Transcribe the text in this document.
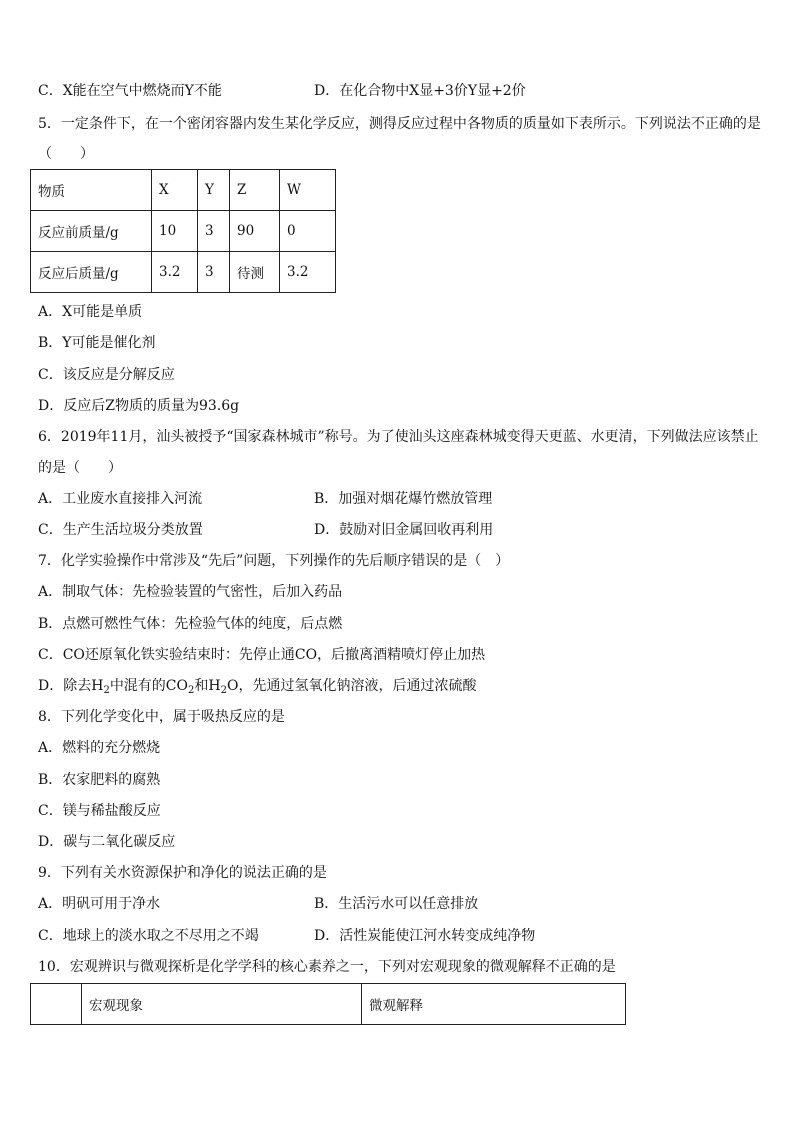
C．X能在空气中燃烧而Y不能	D．在化合物中X显+3价Y显+2价
5．一定条件下，在一个密闭容器内发生某化学反应，测得反应过程中各物质的质量如下表所示。下列说法不正确的是
（　　）
物质	X	Y	Z	W
反应前质量/g	10	3	90	0
反应后质量/g	3.2	3	待测	3.2
A．X可能是单质
B．Y可能是催化剂
C．该反应是分解反应
D．反应后Z物质的质量为93.6g
6．2019年11月，汕头被授予“国家森林城市”称号。为了使汕头这座森林城变得天更蓝、水更清，下列做法应该禁止
的是（　　）
A．工业废水直接排入河流	B．加强对烟花爆竹燃放管理
C．生产生活垃圾分类放置	D．鼓励对旧金属回收再利用
7．化学实验操作中常涉及“先后”问题，下列操作的先后顺序错误的是（　）
A．制取气体：先检验装置的气密性，后加入药品
B．点燃可燃性气体：先检验气体的纯度，后点燃
C．CO还原氧化铁实验结束时：先停止通CO，后撤离酒精喷灯停止加热
D．除去$H_2$中混有的$CO_2$和$H_2O$，先通过氢氧化钠溶液，后通过浓硫酸
8．下列化学变化中，属于吸热反应的是
A．燃料的充分燃烧
B．农家肥料的腐熟
C．镁与稀盐酸反应
D．碳与二氧化碳反应
9．下列有关水资源保护和净化的说法正确的是
A．明矾可用于净水	B．生活污水可以任意排放
C．地球上的淡水取之不尽用之不竭	D．活性炭能使江河水转变成纯净物
10．宏观辨识与微观探析是化学学科的核心素养之一，下列对宏观现象的微观解释不正确的是
	宏观现象	微观解释
